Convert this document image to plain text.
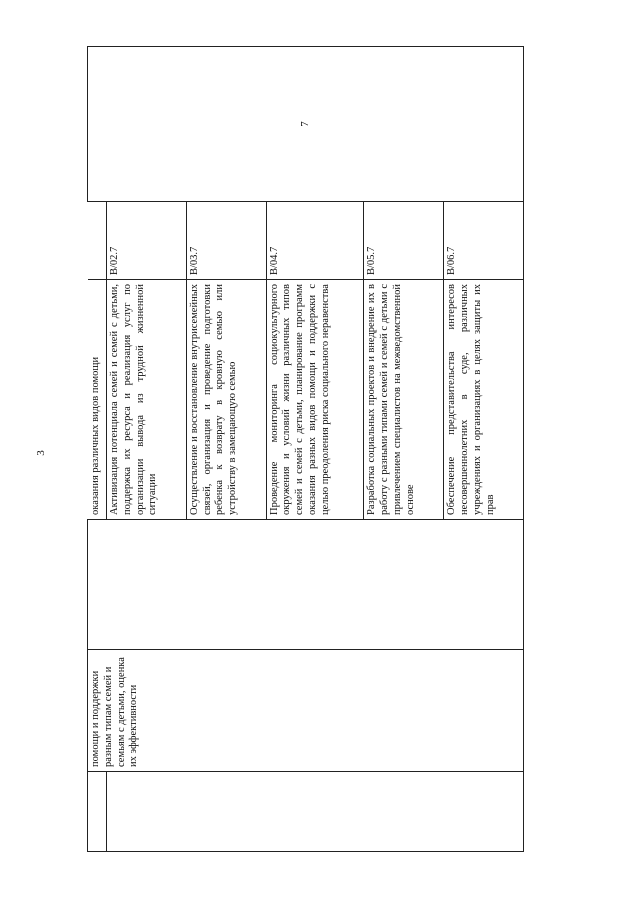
3
	помощи и поддержки разным типам семей и семьям с детьми, оценка их эффективности		оказания различных видов помощи		7
			Активизация потенциала семей и семей с детьми, поддержка их ресурса и реализация услуг по организации вывода из трудной жизненной ситуации	B/02.7	
			Осуществление и восстановление внутрисемейных связей, организация и проведение подготовки ребенка к возврату в кровную семью или устройству в замещающую семью	B/03.7	
			Проведение мониторинга социокультурного окружения и условий жизни различных типов семей и семей с детьми, планирование программ оказания разных видов помощи и поддержки с целью преодоления риска социального неравенства	B/04.7	
			Разработка социальных проектов и внедрение их в работу с разными типами семей и семей с детьми с привлечением специалистов на межведомственной основе	B/05.7	
			Обеспечение представительства интересов несовершеннолетних в суде, различных учреждениях и организациях в целях защиты их прав	B/06.7	
